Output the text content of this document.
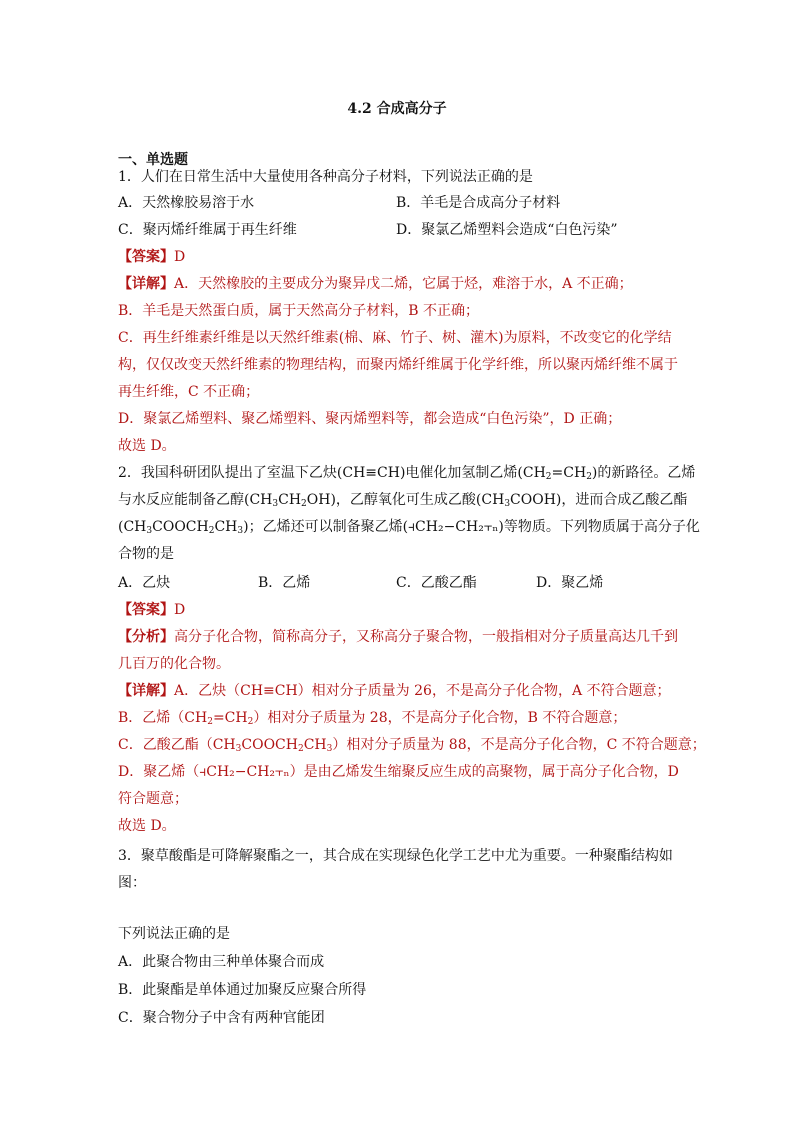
4.2 合成高分子
一、单选题
1．人们在日常生活中大量使用各种高分子材料，下列说法正确的是
A．天然橡胶易溶于水	B．羊毛是合成高分子材料
C．聚丙烯纤维属于再生纤维	D．聚氯乙烯塑料会造成“白色污染”
【答案】D
【详解】A．天然橡胶的主要成分为聚异戊二烯，它属于烃，难溶于水，A 不正确；
B．羊毛是天然蛋白质，属于天然高分子材料，B 不正确；
C．再生纤维素纤维是以天然纤维素(棉、麻、竹子、树、灌木)为原料，不改变它的化学结
构，仅仅改变天然纤维素的物理结构，而聚丙烯纤维属于化学纤维，所以聚丙烯纤维不属于
再生纤维，C 不正确；
D．聚氯乙烯塑料、聚乙烯塑料、聚丙烯塑料等，都会造成“白色污染”，D 正确；
故选 D。
2．我国科研团队提出了室温下乙炔(CH≡CH)电催化加氢制乙烯$(CH_2=CH_2)$的新路径。乙烯
与水反应能制备乙醇$(CH_3CH_2OH)$，乙醇氧化可生成乙酸$(CH_3COOH)$，进而合成乙酸乙酯
$(CH_3COOCH_2CH_3)$；乙烯还可以制备聚乙烯(⫞CH₂−CH₂⫟ₙ)等物质。下列物质属于高分子化
合物的是
A．乙炔	B．乙烯	C．乙酸乙酯	D．聚乙烯
【答案】D
【分析】高分子化合物，简称高分子，又称高分子聚合物，一般指相对分子质量高达几千到
几百万的化合物。
【详解】A．乙炔（CH≡CH）相对分子质量为 26，不是高分子化合物，A 不符合题意；
B．乙烯$(CH_2=CH_2)$相对分子质量为 28，不是高分子化合物，B 不符合题意；
C．乙酸乙酯$(CH_3COOCH_2CH_3)$相对分子质量为 88，不是高分子化合物，C 不符合题意；
D．聚乙烯（⫞CH₂−CH₂⫟ₙ）是由乙烯发生缩聚反应生成的高聚物，属于高分子化合物，D
符合题意；
故选 D。
3．聚草酸酯是可降解聚酯之一，其合成在实现绿色化学工艺中尤为重要。一种聚酯结构如
图：
下列说法正确的是
A．此聚合物由三种单体聚合而成
B．此聚酯是单体通过加聚反应聚合所得
C．聚合物分子中含有两种官能团
